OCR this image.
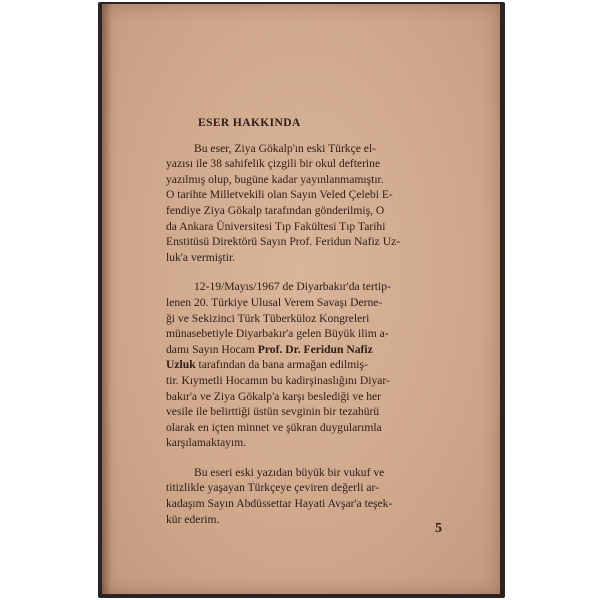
ESER HAKKINDA
Bu eser, Ziya Gökalp'ın eski Türkçe el-
yazısı ile 38 sahifelik çizgili bir okul defterine
yazılmış olup, bugüne kadar yayınlanmamıştır.
O tarihte Milletvekili olan Sayın Veled Çelebi E-
fendiye Ziya Gökalp tarafından gönderilmiş, O
da Ankara Üniversitesi Tıp Fakültesi Tıp Tarihi
Enstitüsü Direktörü Sayın Prof. Feridun Nafiz Uz-
luk'a vermiştir.
12-19/Mayıs/1967 de Diyarbakır'da tertip-
lenen 20. Türkiye Ulusal Verem Savaşı Derne-
ği ve Sekizinci Türk Tüberküloz Kongreleri
münasebetiyle Diyarbakır'a gelen Büyük ilim a-
damı Sayın Hocam Prof. Dr. Feridun Nafiz
Uzluk tarafından da bana armağan edilmiş-
tir. Kıymetli Hocamın bu kadirşinaslığını Diyar-
bakır'a ve Ziya Gökalp'a karşı beslediği ve her
vesile ile belirttiği üstün sevginin bir tezahürü
olarak en içten minnet ve şükran duygularımla
karşılamaktayım.
Bu eseri eski yazıdan büyük bir vukuf ve
titizlikle yaşayan Türkçeye çeviren değerli ar-
kadaşım Sayın Abdüssettar Hayati Avşar'a teşek-
kür ederim.
5
